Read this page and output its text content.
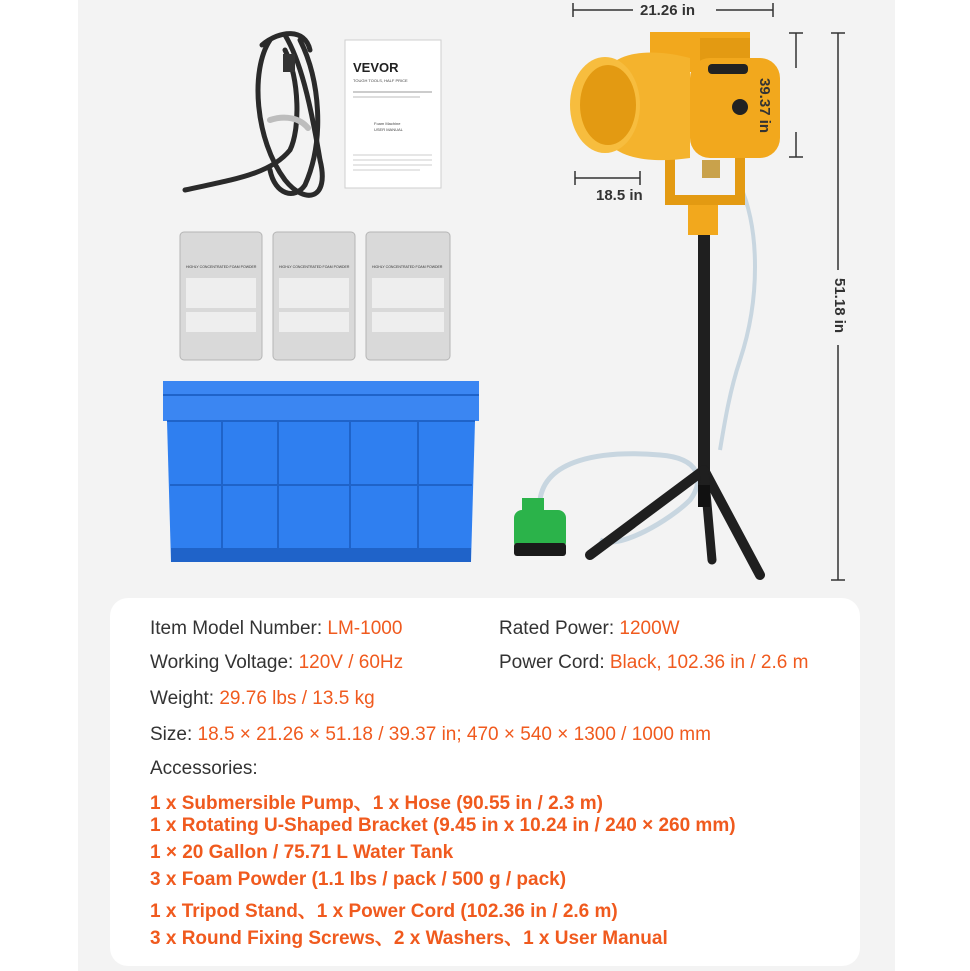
VEVOR
TOUGH TOOLS, HALF PRICE
Foam Machine
USER MANUAL
HIGHLY CONCENTRATED FOAM POWDER	HIGHLY CONCENTRATED FOAM POWDER	HIGHLY CONCENTRATED FOAM POWDER
21.26 in
18.5 in
39.37 in
51.18 in
Item Model Number: LM-1000	Rated Power: 1200W
Working Voltage: 120V / 60Hz	Power Cord: Black, 102.36 in / 2.6 m
Weight: 29.76 lbs / 13.5 kg
Size: 18.5 × 21.26 × 51.18 / 39.37 in; 470 × 540 × 1300 / 1000 mm
Accessories:
1 x Submersible Pump、1 x Hose (90.55 in / 2.3 m)
1 x Rotating U-Shaped Bracket (9.45 in x 10.24 in / 240 × 260 mm)
1 × 20 Gallon / 75.71 L Water Tank
3 x Foam Powder (1.1 lbs / pack / 500 g / pack)
1 x Tripod Stand、1 x Power Cord (102.36 in / 2.6 m)
3 x Round Fixing Screws、2 x Washers、1 x User Manual
